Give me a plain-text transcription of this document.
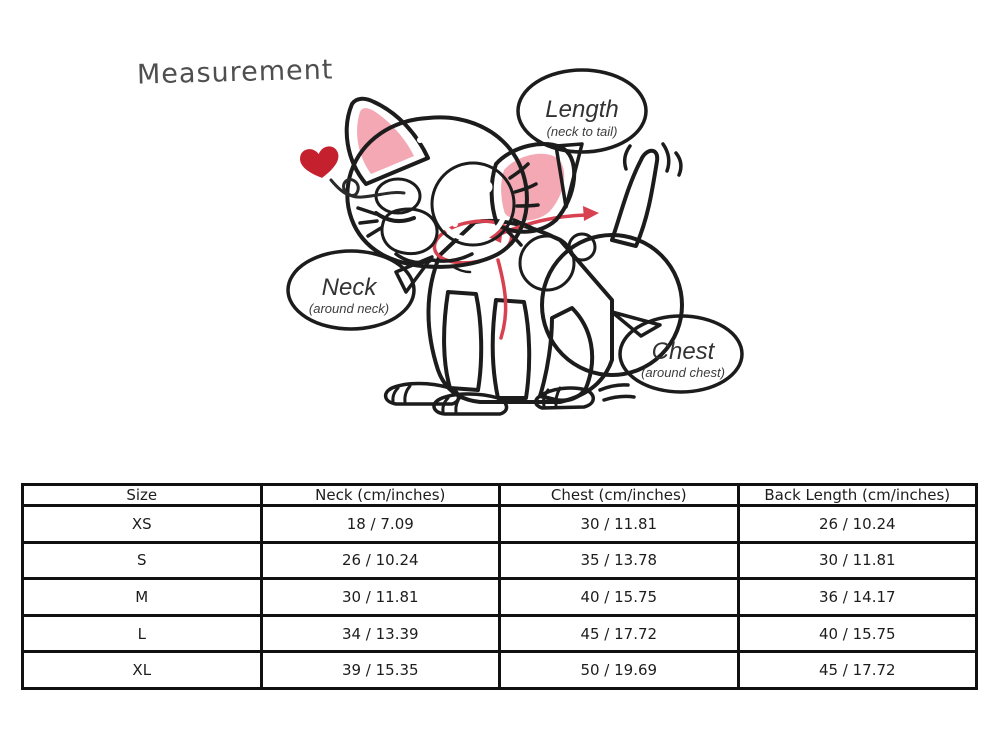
Measurement
Length
(neck to tail)
Neck
(around neck)
Chest
(around chest)
Size	Neck (cm/inches)	Chest (cm/inches)	Back Length (cm/inches)
XS	18 / 7.09	30 / 11.81	26 / 10.24
S	26 / 10.24	35 / 13.78	30 / 11.81
M	30 / 11.81	40 / 15.75	36 / 14.17
L	34 / 13.39	45 / 17.72	40 / 15.75
XL	39 / 15.35	50 / 19.69	45 / 17.72
